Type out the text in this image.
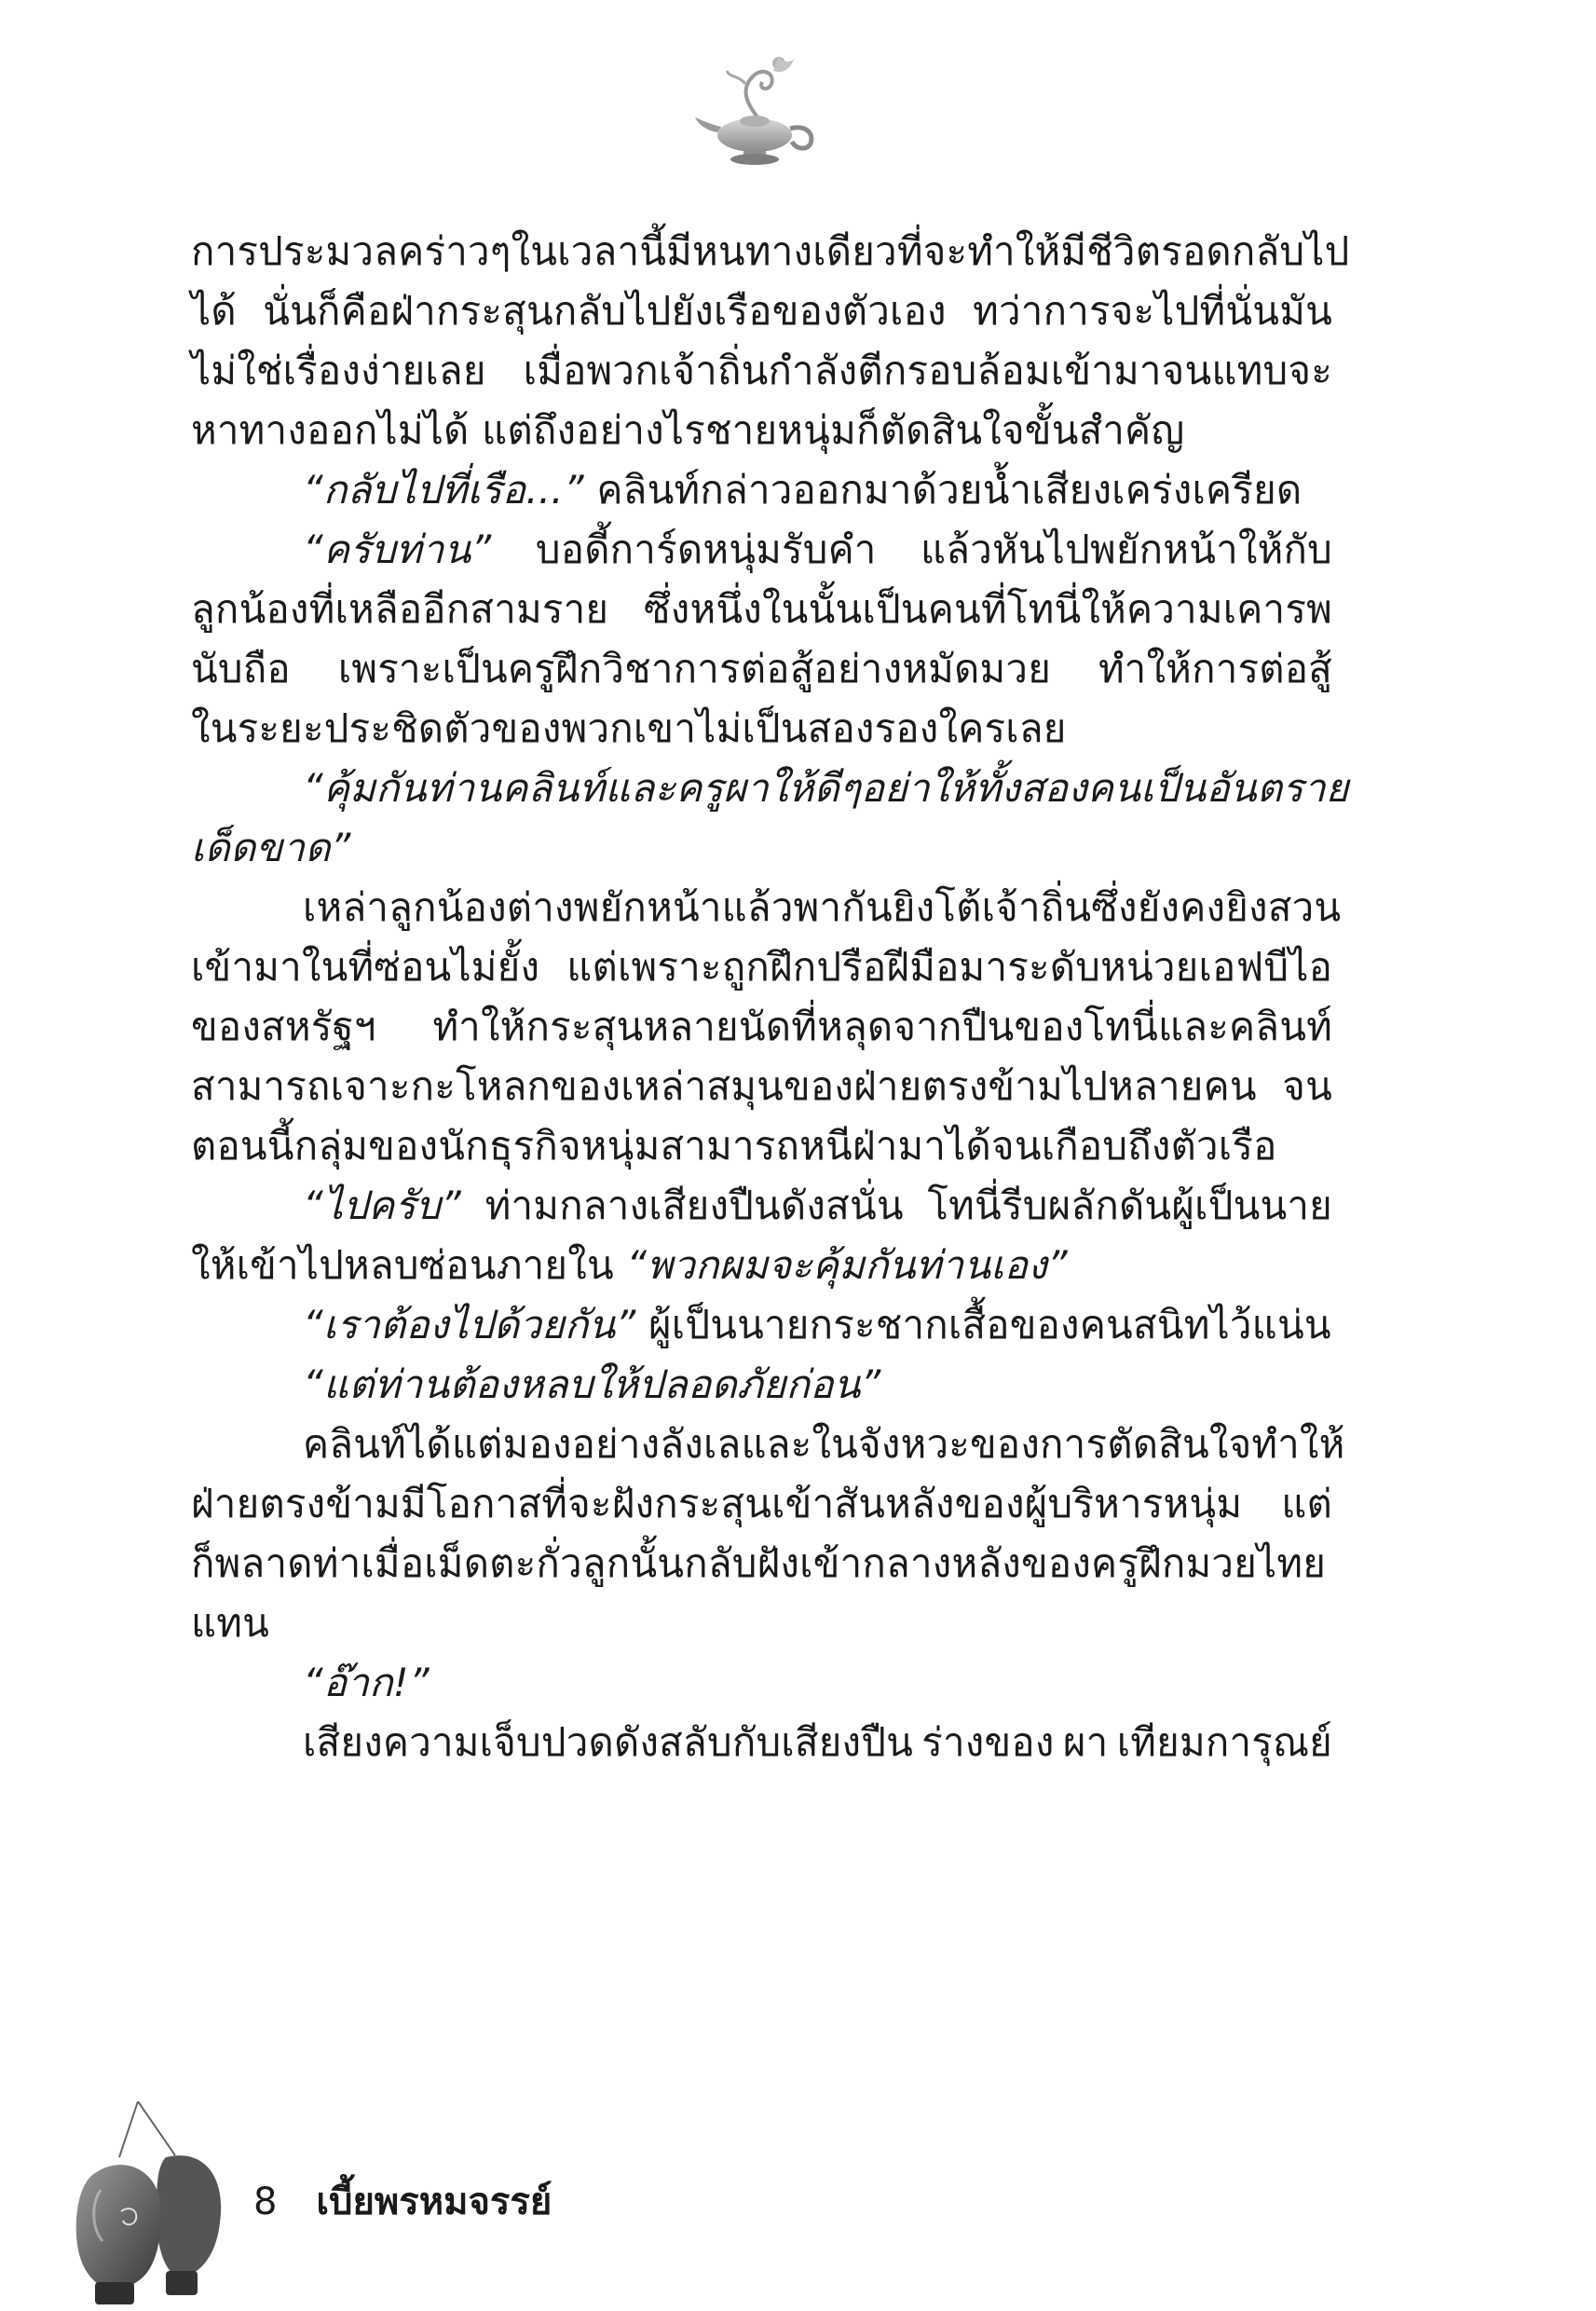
การประมวลคร่าวๆ ในเวลานี้มีหนทางเดียวที่จะทำให้มีชีวิตรอดกลับไป
ได้ นั่นก็คือฝ่ากระสุนกลับไปยังเรือของตัวเอง ทว่าการจะไปที่นั่นมัน
ไม่ใช่เรื่องง่ายเลย เมื่อพวกเจ้าถิ่นกำลังตีกรอบล้อมเข้ามาจนแทบจะ
หาทางออกไม่ได้ แต่ถึงอย่างไรชายหนุ่มก็ตัดสินใจขั้นสำคัญ
“กลับไปที่เรือ...” คลินท์กล่าวออกมาด้วยน้ำเสียงเคร่งเครียด
“ครับท่าน” บอดี้การ์ดหนุ่มรับคำ แล้วหันไปพยักหน้าให้กับ
ลูกน้องที่เหลืออีกสามราย ซึ่งหนึ่งในนั้นเป็นคนที่โทนี่ให้ความเคารพ
นับถือ เพราะเป็นครูฝึกวิชาการต่อสู้อย่างหมัดมวย ทำให้การต่อสู้
ในระยะประชิดตัวของพวกเขาไม่เป็นสองรองใครเลย
“คุ้มกันท่านคลินท์และครูผาให้ดีๆ อย่าให้ทั้งสองคนเป็นอันตราย
เด็ดขาด”
เหล่าลูกน้องต่างพยักหน้า แล้วพากันยิงโต้เจ้าถิ่นซึ่งยังคงยิงสวน
เข้ามาในที่ซ่อนไม่ยั้ง แต่เพราะถูกฝึกปรือฝีมือมาระดับหน่วยเอฟบีไอ
ของสหรัฐฯ ทำให้กระสุนหลายนัดที่หลุดจากปืนของโทนี่และคลินท์
สามารถเจาะกะโหลกของเหล่าสมุนของฝ่ายตรงข้ามไปหลายคน จน
ตอนนี้กลุ่มของนักธุรกิจหนุ่มสามารถหนีฝ่ามาได้จนเกือบถึงตัวเรือ
“ไปครับ” ท่ามกลางเสียงปืนดังสนั่น โทนี่รีบผลักดันผู้เป็นนาย
ให้เข้าไปหลบซ่อนภายใน “พวกผมจะคุ้มกันท่านเอง”
“เราต้องไปด้วยกัน” ผู้เป็นนายกระชากเสื้อของคนสนิทไว้แน่น
“แต่ท่านต้องหลบให้ปลอดภัยก่อน”
คลินท์ได้แต่มองอย่างลังเล และในจังหวะของการตัดสินใจทำให้
ฝ่ายตรงข้ามมีโอกาสที่จะฝังกระสุนเข้าสันหลังของผู้บริหารหนุ่ม แต่
ก็พลาดท่าเมื่อเม็ดตะกั่วลูกนั้นกลับฝังเข้ากลางหลังของครูฝึกมวยไทย
แทน
“อ๊าก!”
เสียงความเจ็บปวดดังสลับกับเสียงปืน ร่างของ ผา เทียมการุณย์
8 เบี้ยพรหมจรรย์
